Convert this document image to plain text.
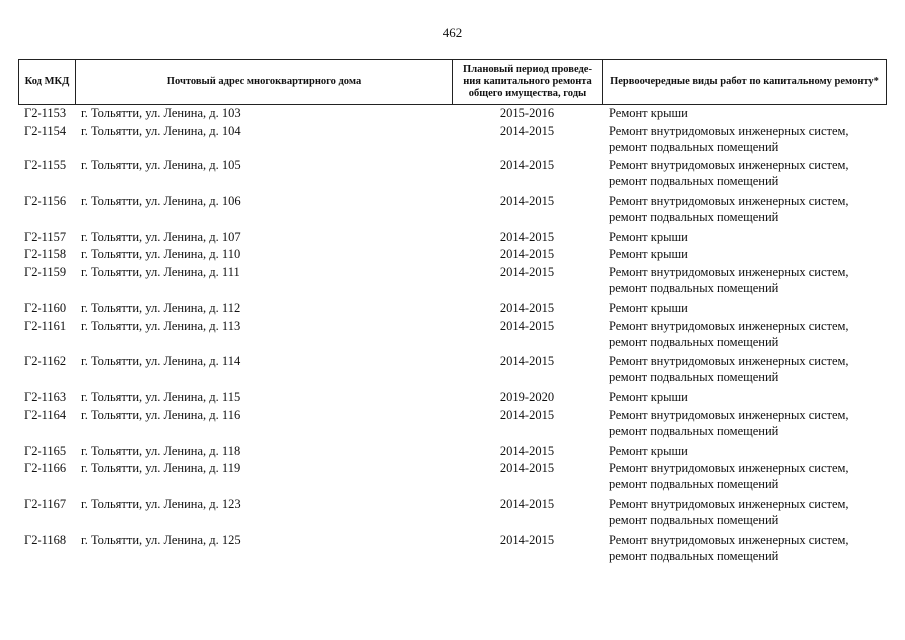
462
Код МКД	Почтовый адрес многоквартирного дома	Плановый период проведе-ния капитального ремонта общего имущества, годы	Первоочередные виды работ по капитальному ремонту*
Г2-1153 г. Тольятти, ул. Ленина, д. 103	2015-2016	Ремонт крыши
Г2-1154 г. Тольятти, ул. Ленина, д. 104	2014-2015	Ремонт внутридомовых инженерных систем, ремонт подвальных помещений
Г2-1155 г. Тольятти, ул. Ленина, д. 105	2014-2015	Ремонт внутридомовых инженерных систем, ремонт подвальных помещений
Г2-1156 г. Тольятти, ул. Ленина, д. 106	2014-2015	Ремонт внутридомовых инженерных систем, ремонт подвальных помещений
Г2-1157 г. Тольятти, ул. Ленина, д. 107	2014-2015	Ремонт крыши
Г2-1158 г. Тольятти, ул. Ленина, д. 110	2014-2015	Ремонт крыши
Г2-1159 г. Тольятти, ул. Ленина, д. 111	2014-2015	Ремонт внутридомовых инженерных систем, ремонт подвальных помещений
Г2-1160 г. Тольятти, ул. Ленина, д. 112	2014-2015	Ремонт крыши
Г2-1161 г. Тольятти, ул. Ленина, д. 113	2014-2015	Ремонт внутридомовых инженерных систем, ремонт подвальных помещений
Г2-1162 г. Тольятти, ул. Ленина, д. 114	2014-2015	Ремонт внутридомовых инженерных систем, ремонт подвальных помещений
Г2-1163 г. Тольятти, ул. Ленина, д. 115	2019-2020	Ремонт крыши
Г2-1164 г. Тольятти, ул. Ленина, д. 116	2014-2015	Ремонт внутридомовых инженерных систем, ремонт подвальных помещений
Г2-1165 г. Тольятти, ул. Ленина, д. 118	2014-2015	Ремонт крыши
Г2-1166 г. Тольятти, ул. Ленина, д. 119	2014-2015	Ремонт внутридомовых инженерных систем, ремонт подвальных помещений
Г2-1167 г. Тольятти, ул. Ленина, д. 123	2014-2015	Ремонт внутридомовых инженерных систем, ремонт подвальных помещений
Г2-1168 г. Тольятти, ул. Ленина, д. 125	2014-2015	Ремонт внутридомовых инженерных систем, ремонт подвальных помещений
